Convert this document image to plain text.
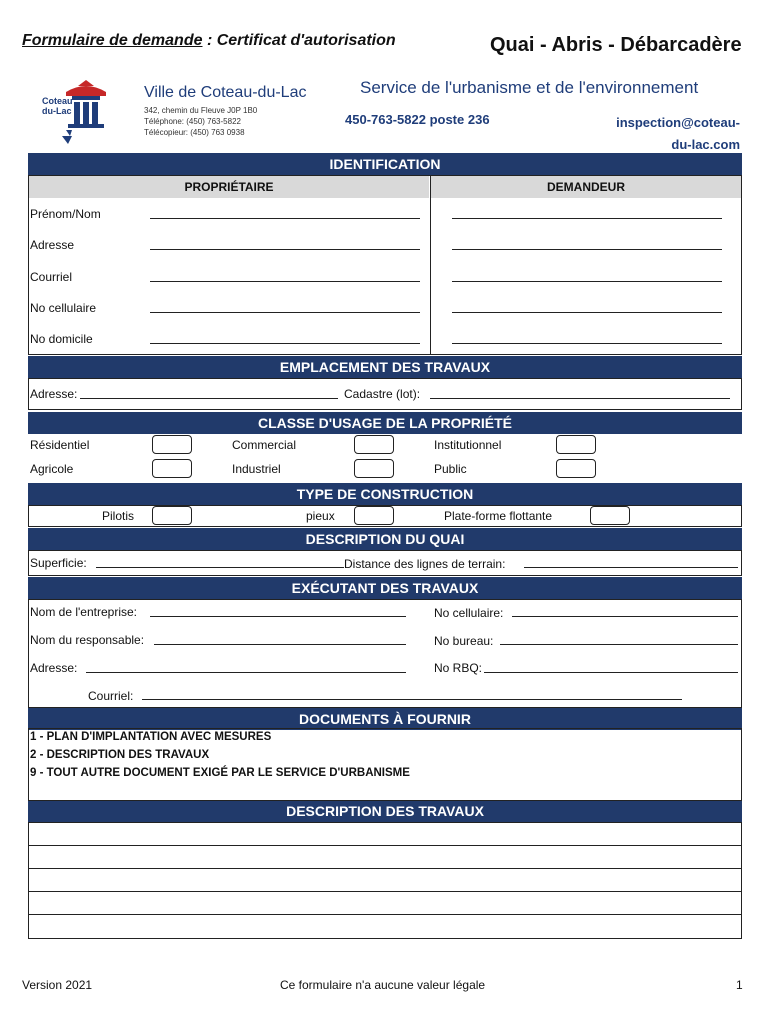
Formulaire de demande : Certificat d'autorisation	Quai - Abris - Débarcadère
Coteau
du-Lac
Ville de Coteau-du-Lac
342, chemin du Fleuve J0P 1B0
Téléphone: (450) 763-5822
Télécopieur: (450) 763 0938
Service de l'urbanisme et de l'environnement
450-763-5822 poste 236	inspection@coteau-
du-lac.com
IDENTIFICATION
PROPRIÉTAIRE	DEMANDEUR
Prénom/Nom
Adresse
Courriel
No cellulaire
No domicile
EMPLACEMENT DES TRAVAUX
Adresse:	Cadastre (lot):
CLASSE D'USAGE DE LA PROPRIÉTÉ
Résidentiel	Commercial	Institutionnel
Agricole	Industriel	Public
TYPE DE CONSTRUCTION
Pilotis	pieux	Plate-forme flottante
DESCRIPTION DU QUAI
Superficie:	Distance des lignes de terrain:
EXÉCUTANT DES TRAVAUX
Nom de l'entreprise:	No cellulaire:
Nom du responsable:	No bureau:
Adresse:	No RBQ:
Courriel:
DOCUMENTS À FOURNIR
1 - PLAN D'IMPLANTATION AVEC MESURES
2 - DESCRIPTION DES TRAVAUX
9 - TOUT AUTRE DOCUMENT EXIGÉ PAR LE SERVICE D'URBANISME
DESCRIPTION DES TRAVAUX
Version 2021	Ce formulaire n'a aucune valeur légale	1
